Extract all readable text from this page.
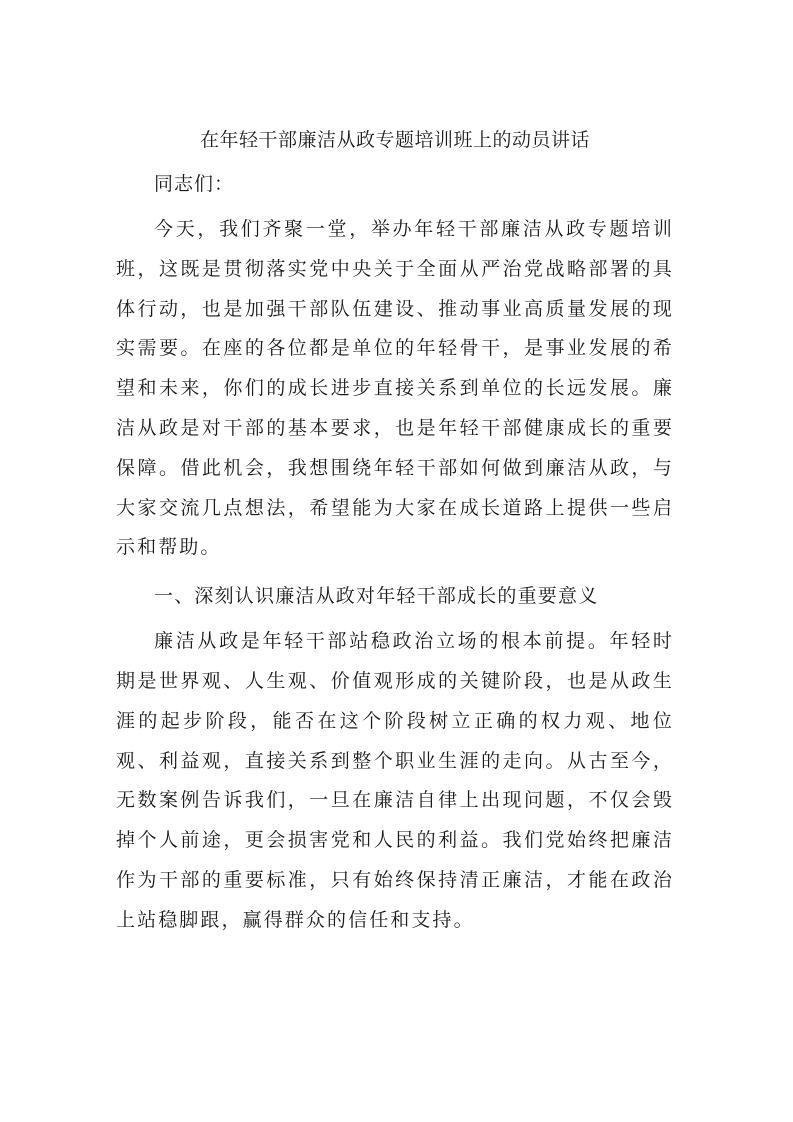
在年轻干部廉洁从政专题培训班上的动员讲话

同志们：

今天，我们齐聚一堂，举办年轻干部廉洁从政专题培训班，这既是贯彻落实党中央关于全面从严治党战略部署的具体行动，也是加强干部队伍建设、推动事业高质量发展的现实需要。在座的各位都是单位的年轻骨干，是事业发展的希望和未来，你们的成长进步直接关系到单位的长远发展。廉洁从政是对干部的基本要求，也是年轻干部健康成长的重要保障。借此机会，我想围绕年轻干部如何做到廉洁从政，与大家交流几点想法，希望能为大家在成长道路上提供一些启示和帮助。

一、深刻认识廉洁从政对年轻干部成长的重要意义

廉洁从政是年轻干部站稳政治立场的根本前提。年轻时期是世界观、人生观、价值观形成的关键阶段，也是从政生涯的起步阶段，能否在这个阶段树立正确的权力观、地位观、利益观，直接关系到整个职业生涯的走向。从古至今，无数案例告诉我们，一旦在廉洁自律上出现问题，不仅会毁掉个人前途，更会损害党和人民的利益。我们党始终把廉洁作为干部的重要标准，只有始终保持清正廉洁，才能在政治上站稳脚跟，赢得群众的信任和支持。
